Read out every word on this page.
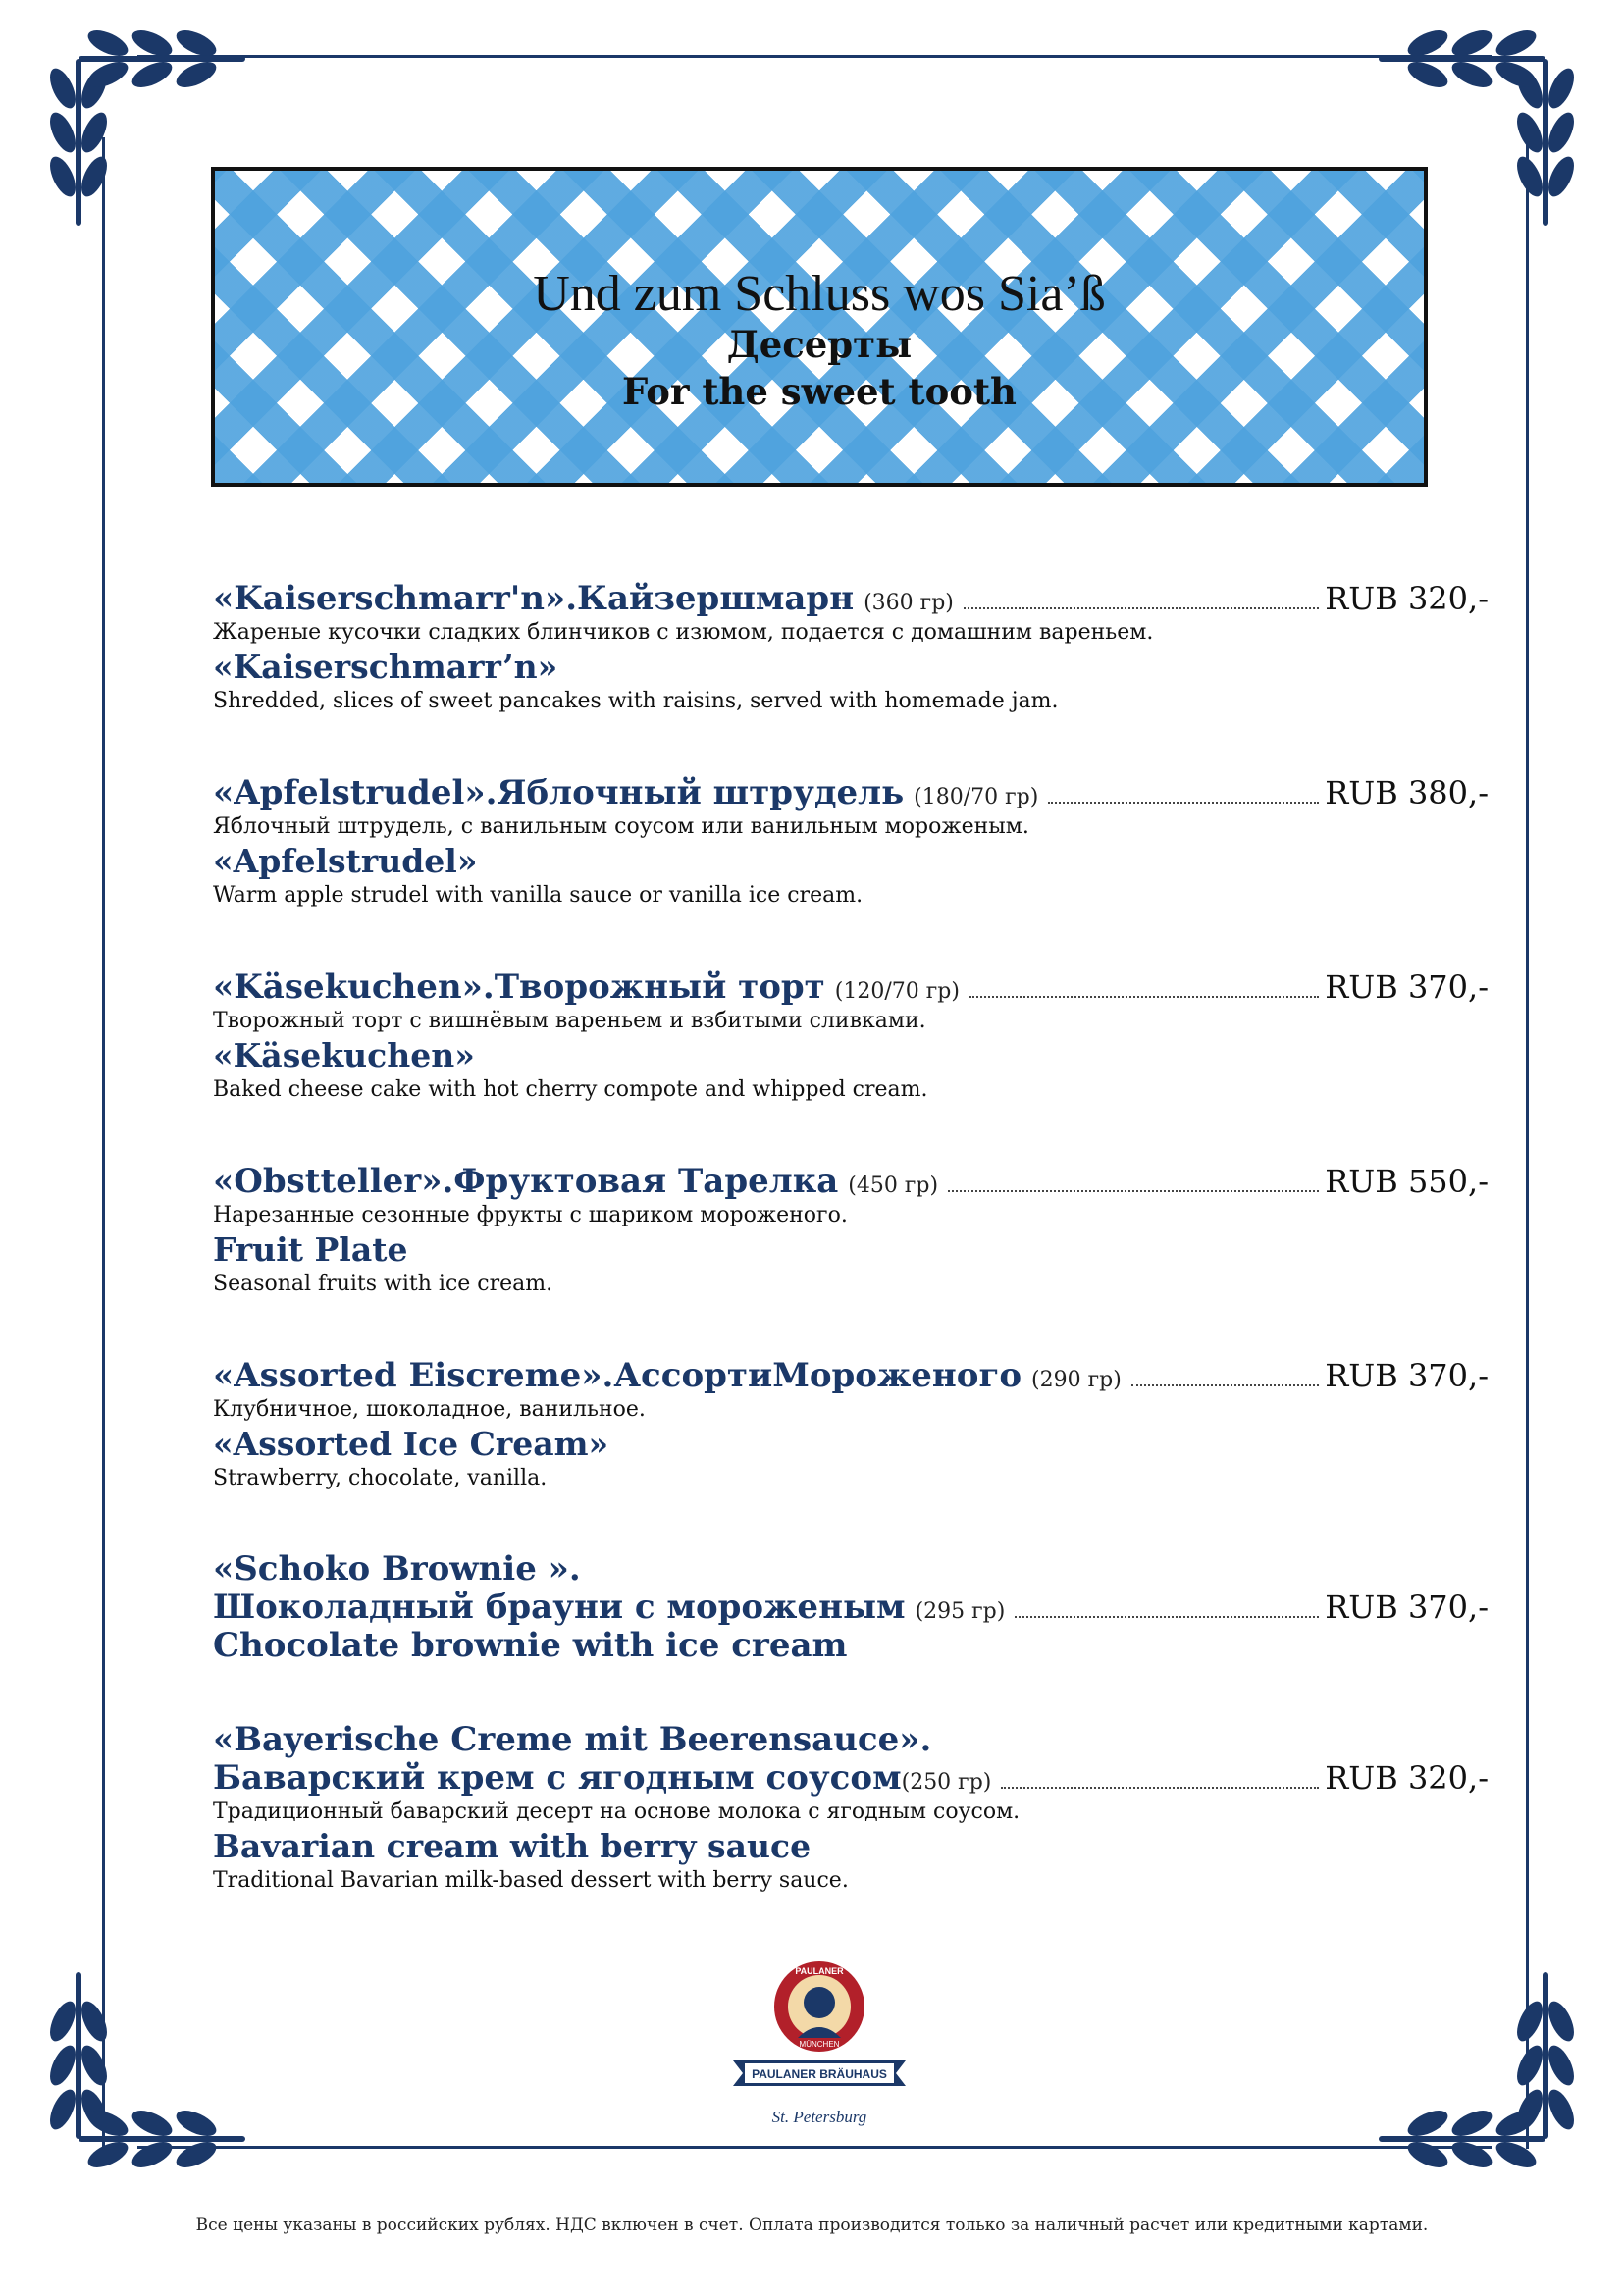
Und zum Schluss wos Sia’ß
Десерты
For the sweet tooth
«Kaiserschmarr'n».Кайзершмарн (360 гр)	RUB 320,-
Жареные кусочки сладких блинчиков с изюмом, подается с домашним вареньем.
«Kaiserschmarr’n»
Shredded, slices of sweet pancakes with raisins, served with homemade jam.
«Apfelstrudel».Яблочный штрудель (180/70 гр)	RUB 380,-
Яблочный штрудель, с ванильным соусом или ванильным мороженым.
«Apfelstrudel»
Warm apple strudel with vanilla sauce or vanilla ice cream.
«Käsekuchen».Творожный торт (120/70 гр)	RUB 370,-
Творожный торт с вишнёвым вареньем и взбитыми сливками.
«Käsekuchen»
Baked cheese cake with hot cherry compote and whipped cream.
«Obstteller».Фруктовая Тарелка (450 гр)	RUB 550,-
Нарезанные сезонные фрукты с шариком мороженого.
Fruit Plate
Seasonal fruits with ice cream.
«Assorted Eiscreme».АссортиМороженого (290 гр)	RUB 370,-
Клубничное, шоколадное, ванильное.
«Assorted Ice Cream»
Strawberry, chocolate, vanilla.
«Schoko Brownie ».
Шоколадный брауни с мороженым (295 гр)	RUB 370,-
Chocolate brownie with ice cream
«Bayerische Creme mit Beerensauce».
Баварский крем с ягодным соусом (250 гр)	RUB 320,-
Традиционный баварский десерт на основе молока с ягодным соусом.
Bavarian cream with berry sauce
Traditional Bavarian milk-based dessert with berry sauce.
PAULANER
MÜNCHEN
PAULANER BRÄUHAUS
St. Petersburg
Все цены указаны в российских рублях. НДС включен в счет. Оплата производится только за наличный расчет или кредитными картами.
